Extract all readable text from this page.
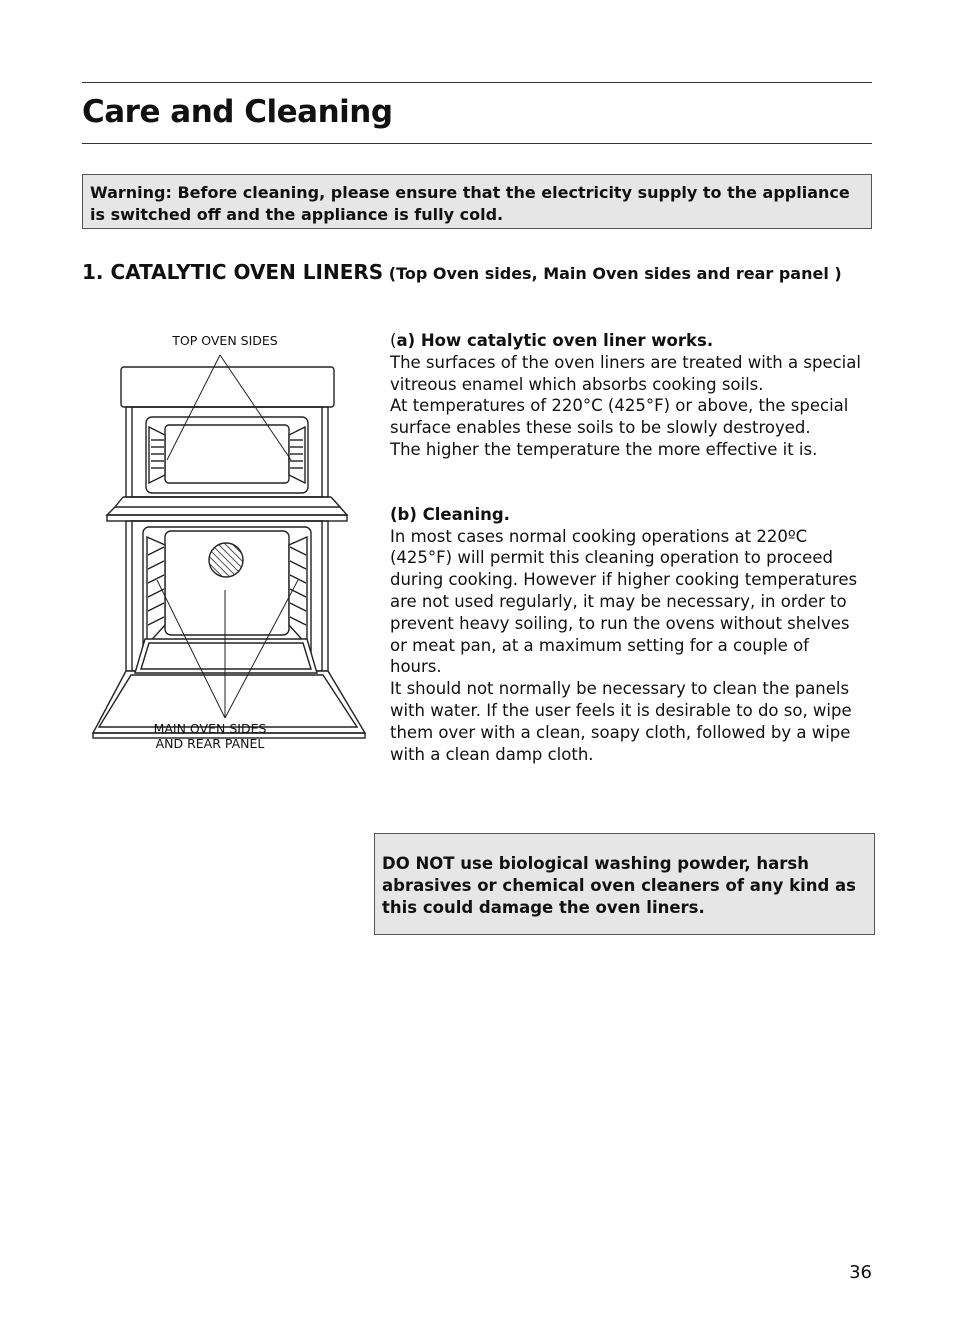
Care and Cleaning
Warning: Before cleaning, please ensure that the electricity supply to the appliance is switched off and the appliance is fully cold.
1. CATALYTIC OVEN LINERS (Top Oven sides, Main Oven sides and rear panel )
TOP OVEN SIDES
MAIN OVEN SIDES
AND REAR PANEL

(a) How catalytic oven liner works.

The surfaces of the oven liners are treated with a special vitreous enamel which absorbs cooking soils.

At temperatures of 220°C (425°F) or above, the special surface enables these soils to be slowly destroyed.

The higher the temperature the more effective it is.

(b) Cleaning.

In most cases normal cooking operations at 220ºC (425°F) will permit this cleaning operation to proceed during cooking. However if higher cooking temperatures are not used regularly, it may be necessary, in order to prevent heavy soiling, to run the ovens without shelves or meat pan, at a maximum setting for a couple of hours.

It should not normally be necessary to clean the panels with water. If the user feels it is desirable to do so, wipe them over with a clean, soapy cloth, followed by a wipe with a clean damp cloth.

DO NOT use biological washing powder, harsh abrasives or chemical oven cleaners of any kind as this could damage the oven liners.
36
